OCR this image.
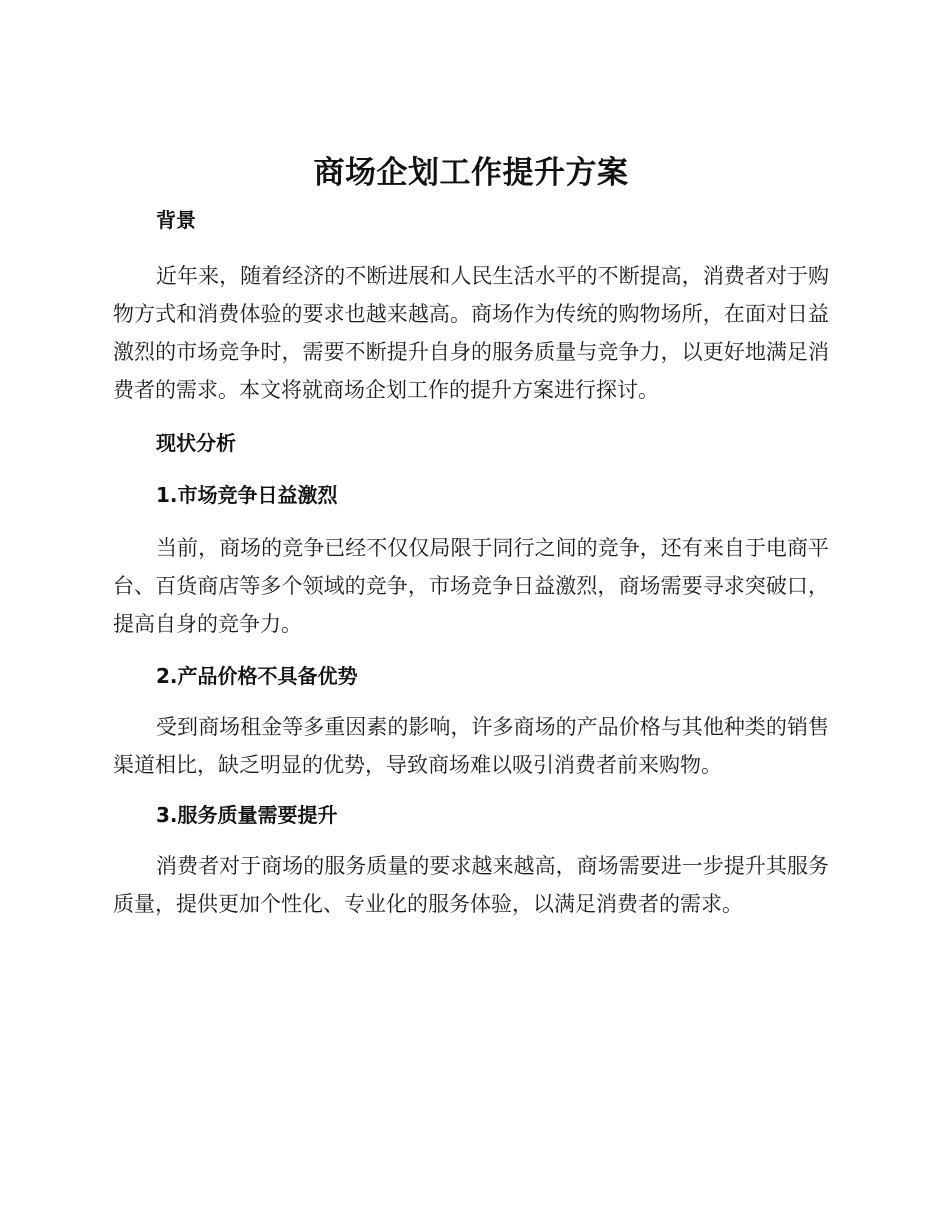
商场企划工作提升方案
背景

近年来，随着经济的不断进展和人民生活水平的不断提高，消费者对于购物方式和消费体验的要求也越来越高。商场作为传统的购物场所，在面对日益激烈的市场竞争时，需要不断提升自身的服务质量与竞争力，以更好地满足消费者的需求。本文将就商场企划工作的提升方案进行探讨。

现状分析
1.市场竞争日益激烈

当前，商场的竞争已经不仅仅局限于同行之间的竞争，还有来自于电商平台、百货商店等多个领域的竞争，市场竞争日益激烈，商场需要寻求突破口，提高自身的竞争力。

2.产品价格不具备优势

受到商场租金等多重因素的影响，许多商场的产品价格与其他种类的销售渠道相比，缺乏明显的优势，导致商场难以吸引消费者前来购物。

3.服务质量需要提升

消费者对于商场的服务质量的要求越来越高，商场需要进一步提升其服务质量，提供更加个性化、专业化的服务体验，以满足消费者的需求。
